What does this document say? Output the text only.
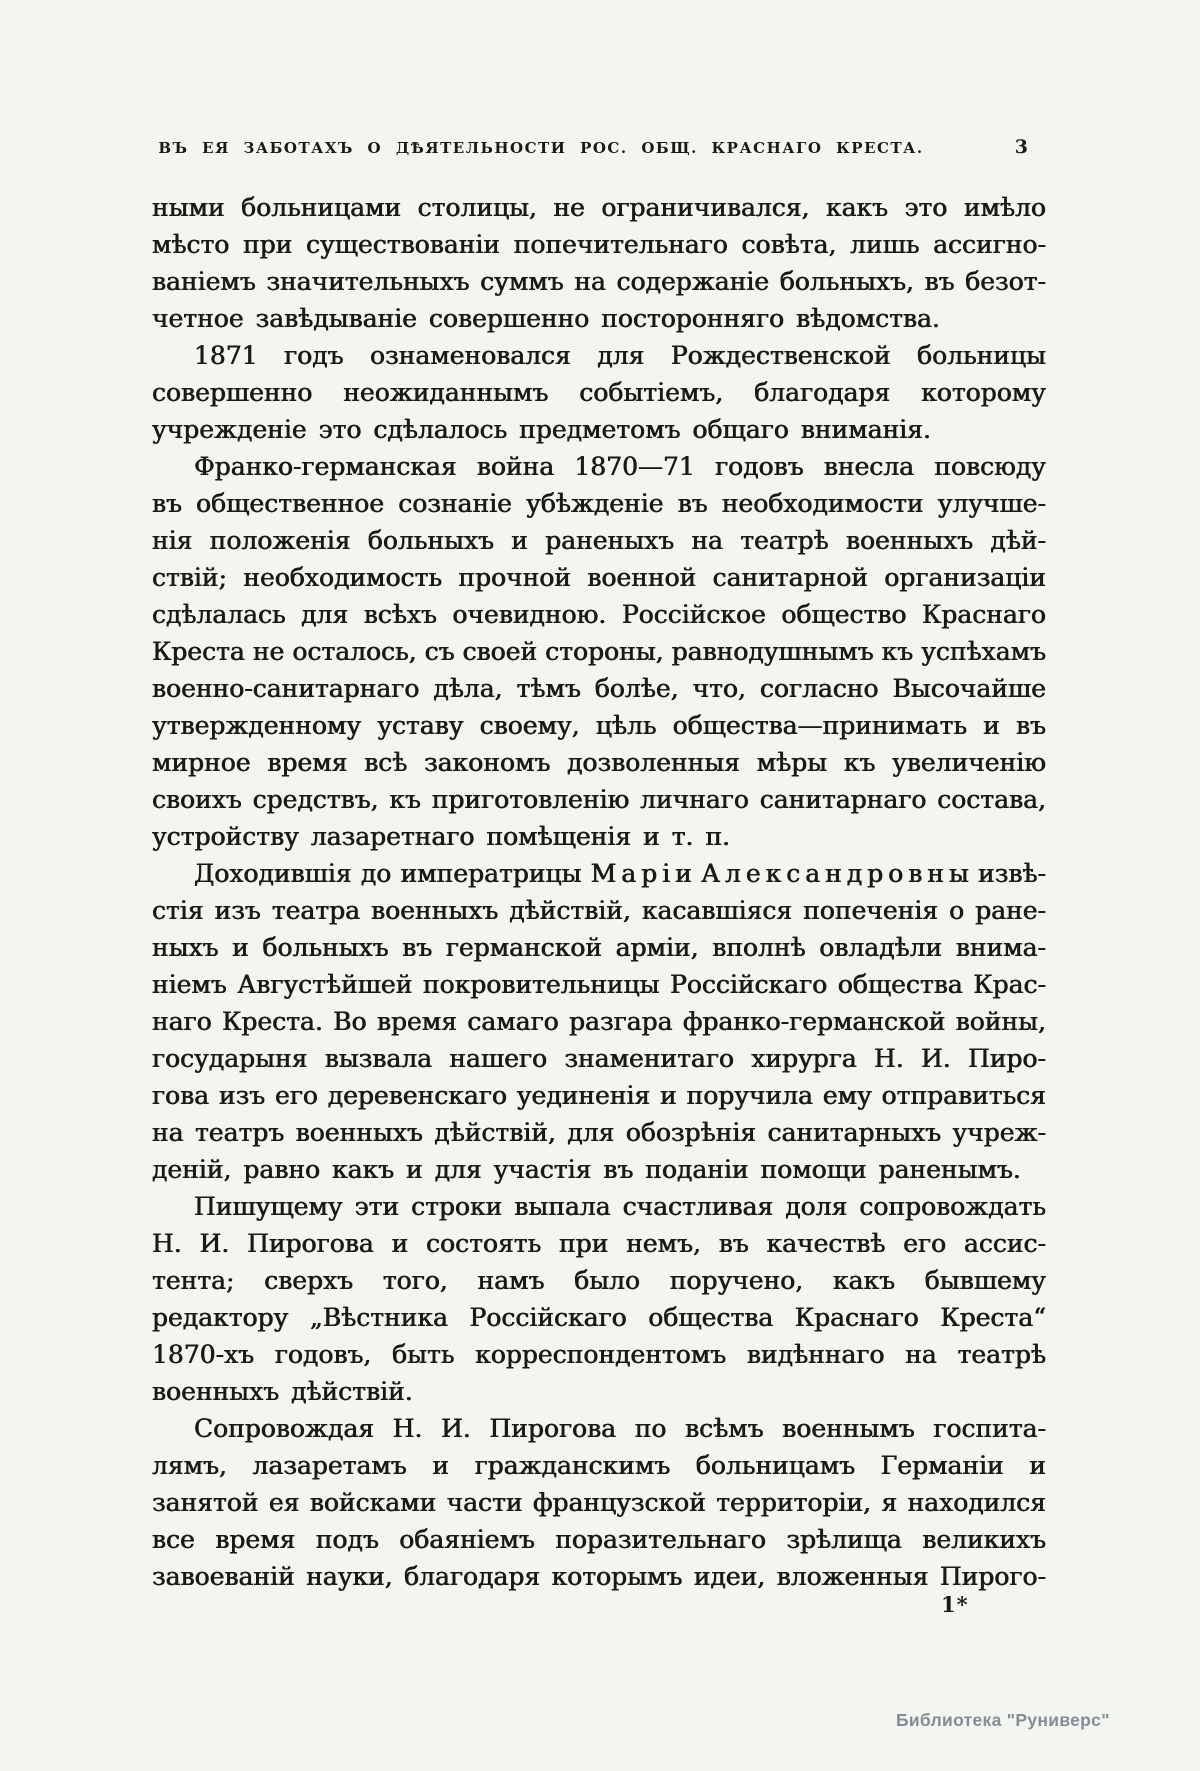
ВЪ ЕЯ ЗАБОТАХЪ О ДѢЯТЕЛЬНОСТИ РОС. ОБЩ. КРАСНАГО КРЕСТА.	3
ными больницами столицы, не ограничивался, какъ это имѣло
мѣсто при существованіи попечительнаго совѣта, лишь ассигно-
ваніемъ значительныхъ суммъ на содержаніе больныхъ, въ безот-
четное завѣдываніе совершенно посторонняго вѣдомства.
1871 годъ ознаменовался для Рождественской больницы
совершенно неожиданнымъ событіемъ, благодаря которому
учрежденіе это сдѣлалось предметомъ общаго вниманія.
Франко-германская война 1870—71 годовъ внесла повсюду
въ общественное сознаніе убѣжденіе въ необходимости улучше-
нія положенія больныхъ и раненыхъ на театрѣ военныхъ дѣй-
ствій; необходимость прочной военной санитарной организаціи
сдѣлалась для всѣхъ очевидною. Россійское общество Краснаго
Креста не осталось, съ своей стороны, равнодушнымъ къ успѣхамъ
военно-санитарнаго дѣла, тѣмъ болѣе, что, согласно Высочайше
утвержденному уставу своему, цѣль общества—принимать и въ
мирное время всѣ закономъ дозволенныя мѣры къ увеличенію
своихъ средствъ, къ приготовленію личнаго санитарнаго состава,
устройству лазаретнаго помѣщенія и т. п.
Доходившія до императрицы М а р і и А л е к с а н д р о в н ы извѣ-
стія изъ театра военныхъ дѣйствій, касавшіяся попеченія о ране-
ныхъ и больныхъ въ германской арміи, вполнѣ овладѣли внима-
ніемъ Августѣйшей покровительницы Россійскаго общества Крас-
наго Креста. Во время самаго разгара франко-германской войны,
государыня вызвала нашего знаменитаго хирурга Н. И. Пиро-
гова изъ его деревенскаго уединенія и поручила ему отправиться
на театръ военныхъ дѣйствій, для обозрѣнія санитарныхъ учреж-
деній, равно какъ и для участія въ поданіи помощи раненымъ.
Пишущему эти строки выпала счастливая доля сопровождать
Н. И. Пирогова и состоять при немъ, въ качествѣ его ассис-
тента; сверхъ того, намъ было поручено, какъ бывшему
редактору „Вѣстника Россійскаго общества Краснаго Креста“
1870-хъ годовъ, быть корреспондентомъ видѣннаго на театрѣ
военныхъ дѣйствій.
Сопровождая Н. И. Пирогова по всѣмъ военнымъ госпита-
лямъ, лазаретамъ и гражданскимъ больницамъ Германіи и
занятой ея войсками части французской территоріи, я находился
все время подъ обаяніемъ поразительнаго зрѣлища великихъ
завоеваній науки, благодаря которымъ идеи, вложенныя Пирого-
1*
Библиотека "Руниверс"
